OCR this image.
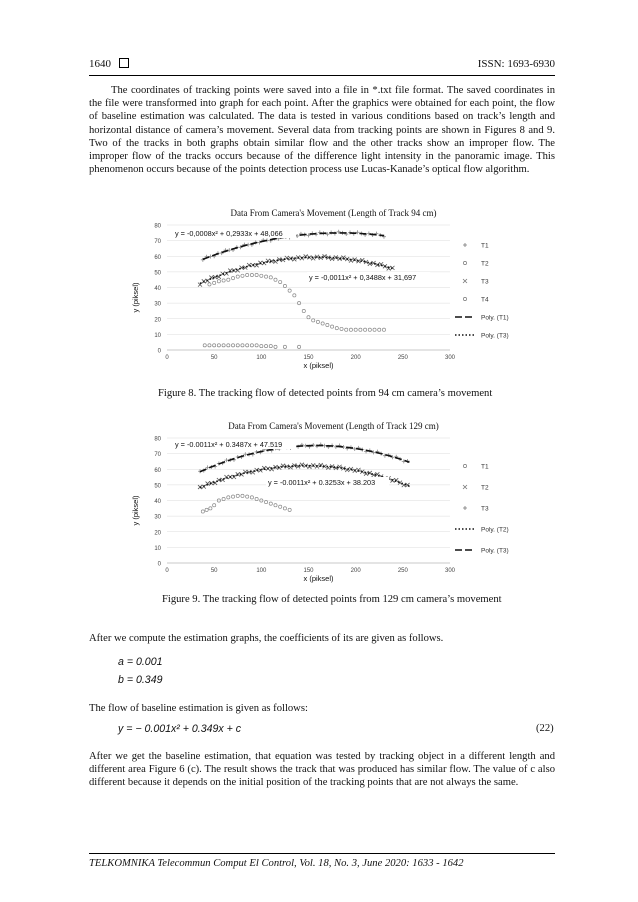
1640	ISSN: 1693-6930
The coordinates of tracking points were saved into a file in *.txt file format. The saved coordinates in the file were transformed into graph for each point. After the graphics were obtained for each point, the flow of baseline estimation was calculated. The data is tested in various conditions based on track’s length and horizontal distance of camera’s movement. Several data from tracking points are shown in Figures 8 and 9. Two of the tracks in both graphs obtain similar flow and the other tracks show an improper flow. The improper flow of the tracks occurs because of the difference light intensity in the panoramic image. This phenomenon occurs because of the points detection process use Lucas-Kanade’s optical flow algorithm.
Data From Camera's Movement (Length of Track 94 cm)
0
10
20
30
40
50
60
70
80
0	50	100	150	200	250	300
x (piksel)
y (piksel)
y = -0,0008x² + 0,2933x + 48,066
y = -0,0011x² + 0,3488x + 31,697
T1
T2
T3
T4
Poly. (T1)
Poly. (T3)
Figure 8. The tracking flow of detected points from 94 cm camera’s movement
Data From Camera's Movement (Length of Track 129 cm)
0
10
20
30
40
50
60
70
80
0	50	100	150	200	250	300
x (piksel)
y (piksel)
y = -0.0011x² + 0.3487x + 47.519
y = -0.0011x² + 0.3253x + 38.203
T1
T2
T3
Poly. (T2)
Poly. (T3)
Figure 9. The tracking flow of detected points from 129 cm camera’s movement
After we compute the estimation graphs, the coefficients of its are given as follows.
a = 0.001
b = 0.349
The flow of baseline estimation is given as follows:
y = − 0.001x² + 0.349x + c	(22)
After we get the baseline estimation, that equation was tested by tracking object in a different length and different area Figure 6 (c). The result shows the track that was produced has similar flow. The value of c also different because it depends on the initial position of the tracking points that are not always the same.
TELKOMNIKA Telecommun Comput El Control, Vol. 18, No. 3, June 2020: 1633 - 1642
